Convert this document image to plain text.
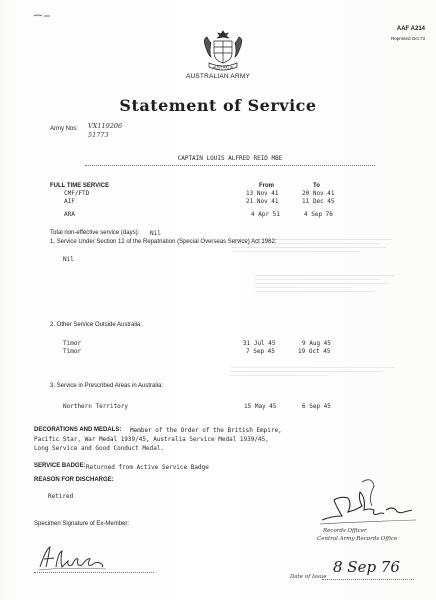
AAF A214
Reprinted Oct 73
AUSTRALIA
AUSTRALIAN ARMY
Statement of Service
Army Nos: VX119206
51773
CAPTAIN LOUIS ALFRED REID MBE
FULL TIME SERVICE	From	To
CMF/FTD	13 Nov 41	20 Nov 41
AIF	21 Nov 41	11 Dec 45
ARA	4 Apr 51	4 Sep 76
Total non-effective service (days): Nil
1. Service Under Section 12 of the Repatriation (Special Overseas Service) Act 1962:
Nil
2. Other Service Outside Australia:
Timor	31 Jul 45	9 Aug 45
Timor	7 Sep 45	19 Oct 45
3. Service in Prescribed Areas in Australia:
Northern Territory	15 May 45	6 Sep 45
DECORATIONS AND MEDALS: Member of the Order of the British Empire,
Pacific Star, War Medal 1939/45, Australia Service Medal 1939/45,
Long Service and Good Conduct Medal.
SERVICE BADGE: Returned from Active Service Badge
REASON FOR DISCHARGE:
Retired
Specimen Signature of Ex-Member:
Records Officer
Central Army Records Office
Date of Issue
8 Sep 76
